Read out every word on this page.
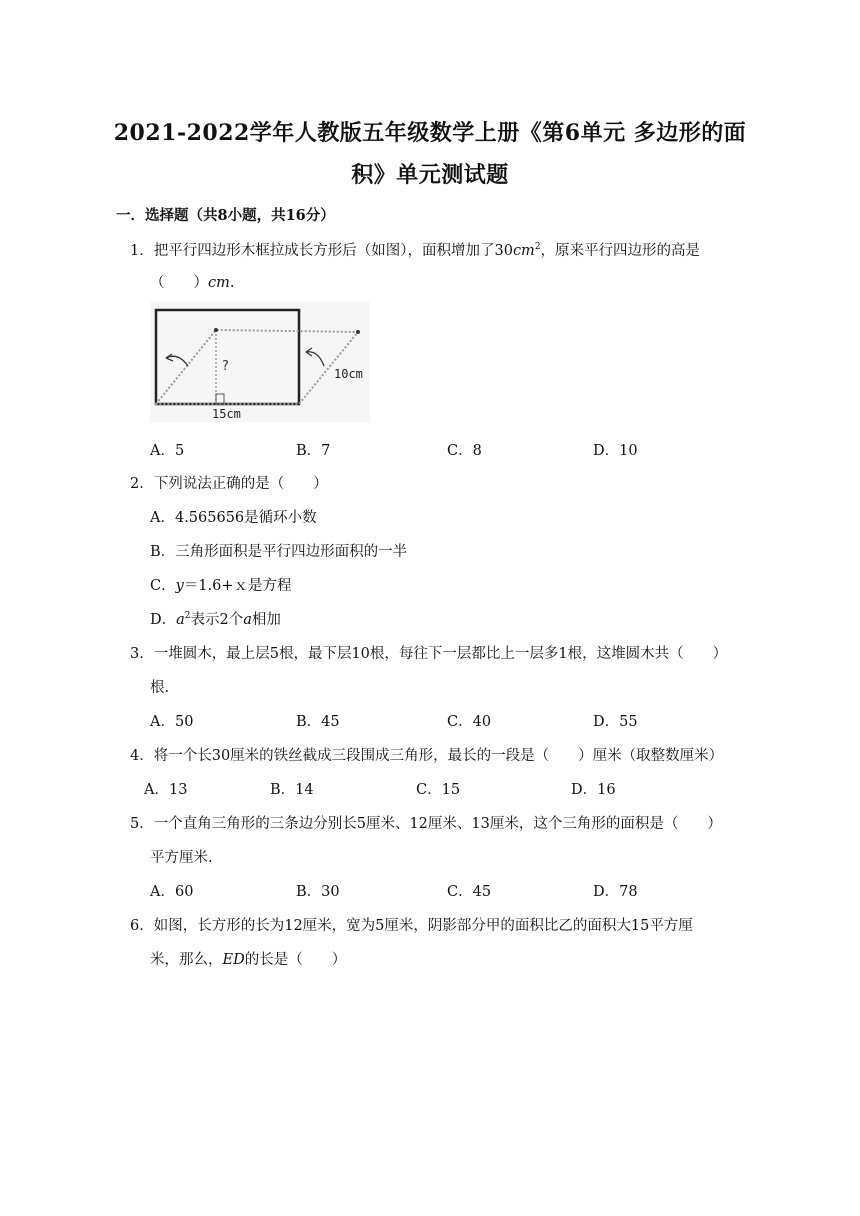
2021-2022学年人教版五年级数学上册《第6单元 多边形的面
积》单元测试题
一．选择题（共8小题，共16分）
1．把平行四边形木框拉成长方形后（如图），面积增加了$30cm^2$，原来平行四边形的高是
（　　）cm.
?
15cm
10cm
A．5	B．7	C．8	D．10
2．下列说法正确的是（　　）
A．4.565656是循环小数
B．三角形面积是平行四边形面积的一半
C．y＝1.6+ｘ是方程
D．$a^2$表示2个a相加
3．一堆圆木，最上层5根，最下层10根，每往下一层都比上一层多1根，这堆圆木共（　　）
根.
A．50	B．45	C．40	D．55
4．将一个长30厘米的铁丝截成三段围成三角形，最长的一段是（　　）厘米（取整数厘米）
A．13	B．14	C．15	D．16
5．一个直角三角形的三条边分别长5厘米、12厘米、13厘米，这个三角形的面积是（　　）
平方厘米.
A．60	B．30	C．45	D．78
6．如图，长方形的长为12厘米，宽为5厘米，阴影部分甲的面积比乙的面积大15平方厘
米，那么，ED的长是（　　）
